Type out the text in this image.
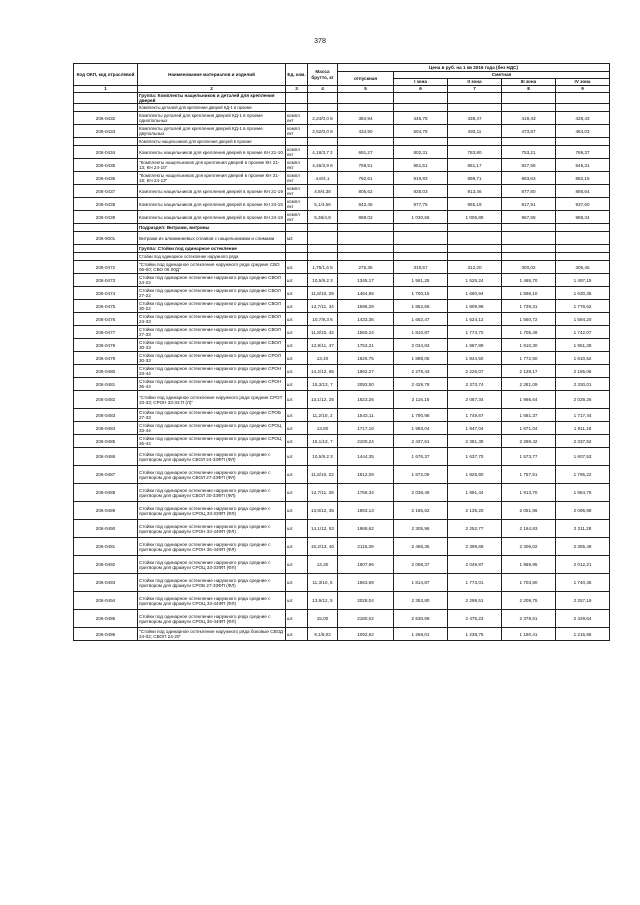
378
Код ОКП, код отраслевой	Наименование материалов и изделий	Ед. изм.	Масса брутто, кг	Цена в руб. на 1 кв 2016 года (без НДС)				
				отпускная	Сметная			
					I зона	II зона	III зона	IV зона
1	2	3	4	5	6	7	8	9
	Группа: Комплекты нащельников и деталей для крепления дверей							
	Комплекты деталей для крепления дверей КД-1 в проеме							
206-0432	Комплекты деталей для крепления дверей КД-1 в проеме однопольных	компл ект	2,24/0,0 8	384,94	446,78	438,47	419,43	428,43
206-0433	Комплекты деталей для крепления дверей КД-1 в проеме двупольных	компл ект	2,52/0,0 9	434,90	504,76	493,11	473,87	484,03
	Комплекты нащельников для крепления дверей в проеме							
206-0434	Комплекты нащельников для крепления дверей в проеме КН 21-10	компл ект	4,18/3,7 2	691,27	802,31	783,80	753,21	769,37
206-0435	"Комплекты нащельников для крепления дверей в проеме КН 21-13; КН 24-10"	компл ект	4,46/3,9 6	758,51	851,51	861,17	827,56	845,31
206-0436	"Комплекты нащельников для крепления дверей в проеме КН 21-15; КН 24-13"	компл ект	4,6/4,1	792,61	919,93	898,71	863,63	882,15
206-0437	Комплекты нащельников для крепления дверей в проеме КН 21-19	компл ект	4,9/4,38	805,62	935,03	913,46	877,80	895,64
206-0438	Комплекты нащельников для крепления дверей в проеме КН 24-15	компл ект	5,1/4,56	842,45	977,75	955,19	917,91	937,60
206-0439	Комплекты нащельников для крепления дверей в проеме КН 24-19	компл ект	5,36/4,8	888,02	1 030,66	1 006,88	967,58	988,34
	Подраздел: Витражи, витрины							
206-9001	Витражи из алюминиевых сплавов с нащельниками и слимами	м2						
	Группа: Стойки под одинарное остекление							
	Стойки под одинарное остекление наружного ряда							
206-0472	"Стойки под одинарное остекление наружного ряда средние СВО 06-00; СВО 06 00Д"	шт.	1,75/1,6 5	275,35	319,57	312,20	300,02	306,45
206-0473	Стойки под одинарное остекление наружного ряда средние СВОЛ 24-22	шт.	10,5/9,2 3	1345,17	1 561,25	1 525,24	1 465,70	1 497,15
206-0474	Стойки под одинарное остекление наружного ряда средние СВОЛ 27-22	шт.	11,6/10, 29	1464,85	1 700,15	1 660,94	1 596,10	1 630,35
206-0475	Стойки под одинарное остекление наружного ряда средние СВОЛ 30-22	шт.	12,7/11, 34	1596,28	1 852,66	1 809,98	1 739,31	1 776,62
206-0476	Стойки под одинарное остекление наружного ряда средние СВОЛ 24-33	шт.	10,7/9,3 6	1433,36	1 662,47	1 624,12	1 560,72	1 594,20
206-0477	Стойки под одинарное остекление наружного ряда средние СВОЛ 27-33	шт.	11,8/10, 42	1560,24	1 810,87	1 774,70	1 705,49	1 742,07
206-0478	Стойки под одинарное остекление наружного ряда средние СВОЛ 30-33	шт.	12,9/11, 47	1753,21	2 034,83	1 987,89	1 910,30	1 951,28
206-0479	Стойки под одинарное остекление наружного ряда средние СРОЛ 30-33	шт.	13,40	1626,75	1 888,05	1 844,50	1 772,50	1 810,52
206-0480	Стойки под одинарное остекление наружного ряда средние СРОН 33-44	шт.	14,2/12, 65	1962,27	2 278,43	2 226,07	2 138,17	2 185,06
206-0481	Стойки под одинарное остекление наружного ряда средние СРОН 36-44	шт.	15,3/13, 7	2093,50	2 429,78	2 373,74	2 281,09	2 330,01
206-0482	"Стойки под одинарное остекление наружного ряда средние СРОТ 33-33; СРОН 33-33 П (Л)"	шт.	13,1/12, 25	1823,26	2 116,15	2 067,34	1 986,64	2 029,26
206-0483	Стойки под одинарное остекление наружного ряда средние СРОБ 27-33	шт.	11,2/10, 2	1543,11	1 790,98	1 749,67	1 681,37	1 717,44
206-0484	Стойки под одинарное остекление наружного ряда средние СРОЦ 33-44	шт.	13,80	1717,16	1 993,04	1 947,04	1 871,04	1 911,18
206-0485	Стойки под одинарное остекление наружного ряда средние СРОЦ 36-44	шт.	15,1/13, 7	2100,24	2 437,61	2 381,38	2 288,42	2 337,52
206-0486	Стойки под одинарное остекление наружного ряда средние с притвором для фрамуги СВОЛ 24-33ФП (ФЛ)	шт.	10,5/9,2 3	1444,35	1 676,37	1 637,70	1 573,77	1 607,53
206-0487	Стойки под одинарное остекление наружного ряда средние с притвором для фрамуги СВОЛ 27-33ФП (ФЛ)	шт.	11,6/10, 22	1612,09	1 872,09	1 825,90	1 757,51	1 795,22
206-0488	Стойки под одинарное остекление наружного ряда средние с притвором для фрамуги СВОЛ 30-33ФП (ФЛ)	шт.	12,7/11, 28	1756,34	2 038,46	1 991,44	1 913,70	1 954,76
206-0489	Стойки под одинарное остекление наружного ряда средние с притвором для фрамуги СРОЦ 33-33ФП (ФЛ)	шт.	13,8/12, 35	1883,13	2 185,62	2 135,20	2 051,86	2 095,88
206-0490	Стойки под одинарное остекление наружного ряда средние с притвором для фрамуги СРОН 33-44ФП (ФЛ)	шт.	14,1/12, 53	1986,62	2 305,96	2 252,77	2 164,83	2 211,28
206-0491	Стойки под одинарное остекление наружного ряда средние с притвором для фрамуги СРОН 36-44ФП (ФЛ)	шт.	15,2/13, 46	2116,39	2 456,35	2 399,69	2 306,02	2 355,49
206-0492	Стойки под одинарное остекление наружного ряда средние с притвором для фрамуги СРОЦ 33-33ФП (ФЛ)	шт.	14,30	1807,96	2 098,37	2 049,97	1 969,95	2 012,21
206-0493	Стойки под одинарное остекление наружного ряда средние с притвором для фрамуги СРОБ 27-33ФП (ФЛ)	шт.	11,3/10, 5	1563,69	1 814,87	1 773,01	1 703,80	1 740,35
206-0494	Стойки под одинарное остекление наружного ряда средние с притвором для фрамуги СРОЦ 33-44ФП (ФЛ)	шт.	13,9/12, 5	2028,04	2 353,80	2 299,51	2 209,75	2 257,16
206-0495	Стойки под одинарное остекление наружного ряда средние с притвором для фрамуги СРОЦ 36-44ФП (ФЛ)	шт.	15,00	2180,02	2 530,68	2 475,23	2 378,61	2 429,64
206-0496	"Стойки под одинарное остекление наружного ряда боковые СВОД 24-02; СВОП 24-20"	шт.	9,1/8,02	1092,52	1 268,01	1 238,76	1 190,41	1 215,95
